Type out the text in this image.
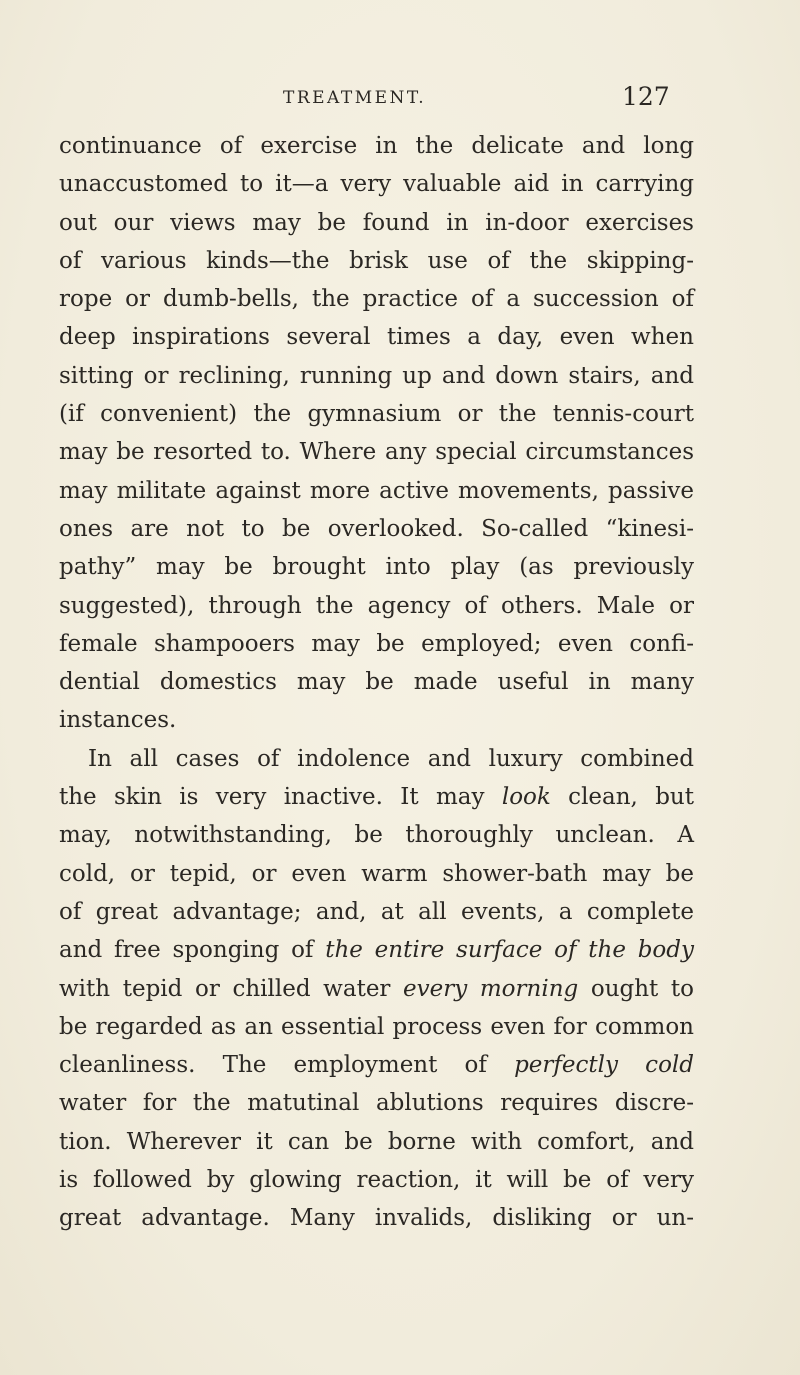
TREATMENT.	127
continuance of exercise in the delicate and long
unaccustomed to it—a very valuable aid in carrying
out our views may be found in in-door exercises
of various kinds—the brisk use of the skipping-
rope or dumb-bells, the practice of a succession of
deep inspirations several times a day, even when
sitting or reclining, running up and down stairs, and
(if convenient) the gymnasium or the tennis-court
may be resorted to. Where any special circumstances
may militate against more active movements, passive
ones are not to be overlooked. So-called “kinesi-
pathy” may be brought into play (as previously
suggested), through the agency of others. Male or
female shampooers may be employed; even confi-
dential domestics may be made useful in many
instances.
In all cases of indolence and luxury combined
the skin is very inactive. It may look clean, but
may, notwithstanding, be thoroughly unclean. A
cold, or tepid, or even warm shower-bath may be
of great advantage; and, at all events, a complete
and free sponging of the entire surface of the body
with tepid or chilled water every morning ought to
be regarded as an essential process even for common
cleanliness. The employment of perfectly cold
water for the matutinal ablutions requires discre-
tion. Wherever it can be borne with comfort, and
is followed by glowing reaction, it will be of very
great advantage. Many invalids, disliking or un-
